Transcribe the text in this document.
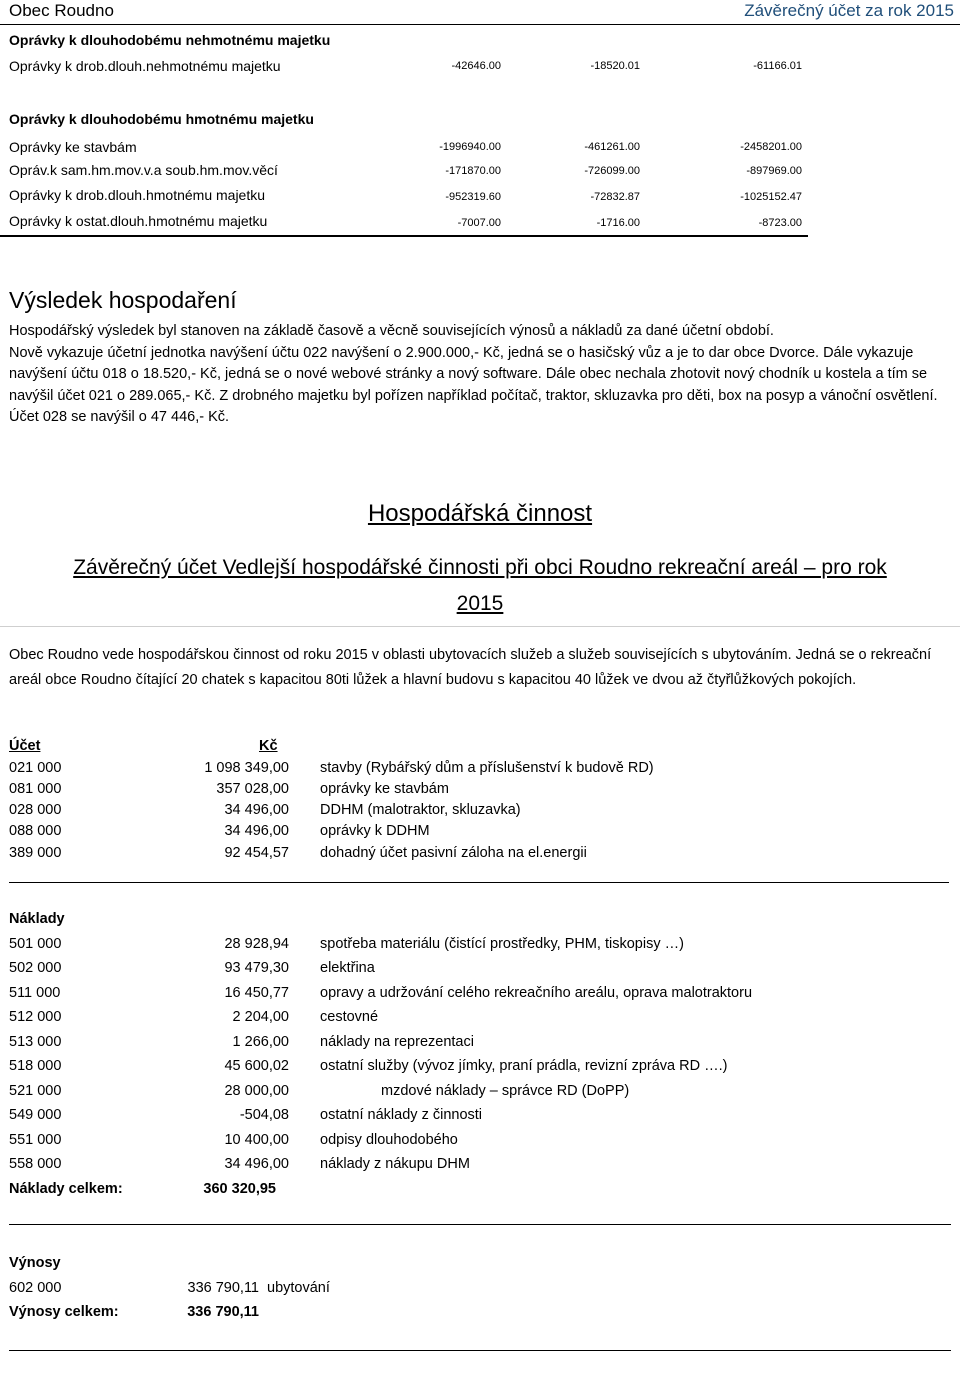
Obec Roudno	Závěrečný účet za rok 2015
Oprávky k dlouhodobému nehmotnému majetku
Oprávky k drob.dlouh.nehmotnému majetku	-42646.00	-18520.01	-61166.01
Oprávky k dlouhodobému hmotnému majetku
Oprávky ke stavbám	-1996940.00	-461261.00	-2458201.00
Opráv.k sam.hm.mov.v.a soub.hm.mov.věcí	-171870.00	-726099.00	-897969.00
Oprávky k drob.dlouh.hmotnému majetku	-952319.60	-72832.87	-1025152.47
Oprávky k ostat.dlouh.hmotnému majetku	-7007.00	-1716.00	-8723.00
Výsledek hospodaření

Hospodářský výsledek byl stanoven na základě časově a věcně souvisejících výnosů a nákladů za dané účetní období.

Nově vykazuje účetní jednotka navýšení účtu 022 navýšení o 2.900.000,- Kč, jedná se o hasičský vůz a je to dar obce Dvorce. Dále vykazuje navýšení účtu 018 o 18.520,- Kč, jedná se o nové webové stránky a nový software. Dále obec nechala zhotovit nový chodník u kostela a tím se navýšil účet 021 o 289.065,- Kč. Z drobného majetku byl pořízen například počítač, traktor, skluzavka pro děti, box na posyp a vánoční osvětlení. Účet 028 se navýšil o 47 446,- Kč.

Hospodářská činnost
Závěrečný účet Vedlejší hospodářské činnosti při obci Roudno rekreační areál – pro rok
2015
Obec Roudno vede hospodářskou činnost od roku 2015 v oblasti ubytovacích služeb a služeb souvisejících s ubytováním. Jedná se o rekreační areál obce Roudno čítající 20 chatek s kapacitou 80ti lůžek a hlavní budovu s kapacitou 40 lůžek ve dvou až čtyřlůžkových pokojích.
Účet	Kč
021 000	1 098 349,00 stavby (Rybářský dům a příslušenství k budově RD)
081 000	357 028,00 oprávky ke stavbám
028 000	34 496,00 DDHM (malotraktor, skluzavka)
088 000	34 496,00 oprávky k DDHM
389 000	92 454,57 dohadný účet pasivní záloha na el.energii
Náklady
501 000	28 928,94 spotřeba materiálu (čistící prostředky, PHM, tiskopisy …)
502 000	93 479,30 elektřina
511 000	16 450,77 opravy a udržování celého rekreačního areálu, oprava malotraktoru
512 000	2 204,00 cestovné
513 000	1 266,00 náklady na reprezentaci
518 000	45 600,02 ostatní služby (vývoz jímky, praní prádla, revizní zpráva RD ….)
521 000	28 000,00	mzdové náklady – správce RD (DoPP)
549 000	-504,08 ostatní náklady z činnosti
551 000	10 400,00 odpisy dlouhodobého
558 000	34 496,00 náklady z nákupu DHM
Náklady celkem:	360 320,95
Výnosy
602 000	336 790,11 ubytování
Výnosy celkem:	336 790,11
